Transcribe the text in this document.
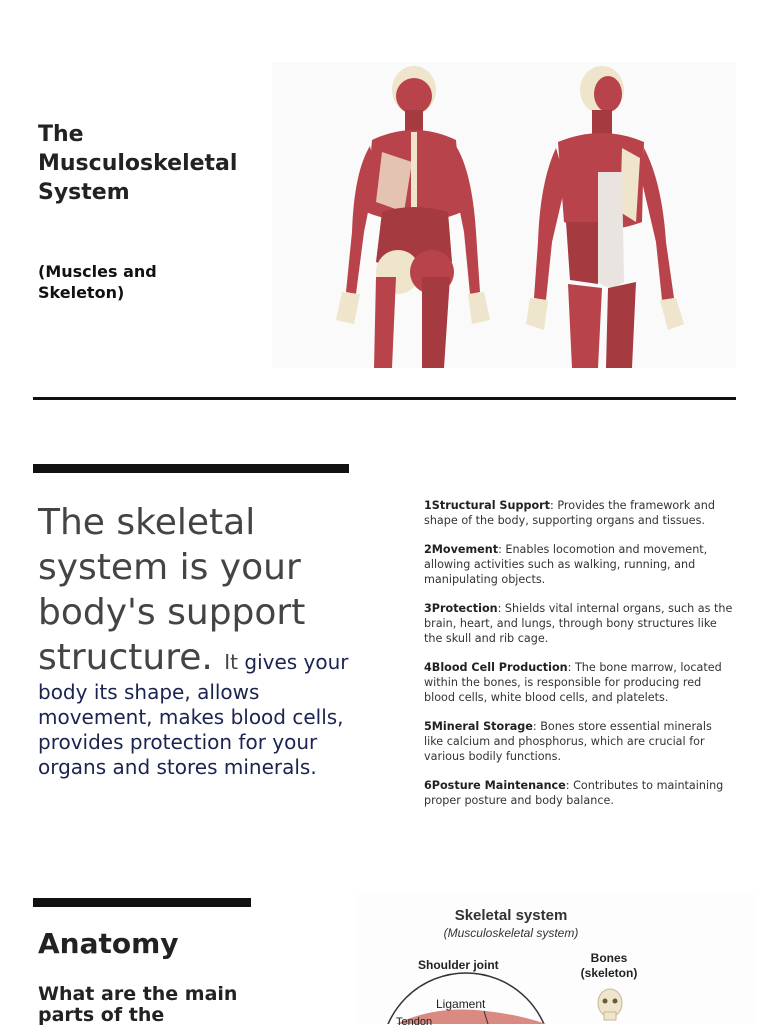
The Musculoskeletal System
(Muscles and Skeleton)

The skeletal system is your body's support structure. It gives your body its shape, allows movement, makes blood cells, provides protection for your organs and stores minerals.

1Structural Support: Provides the framework and shape of the body, supporting organs and tissues.

2Movement: Enables locomotion and movement, allowing activities such as walking, running, and manipulating objects.

3Protection: Shields vital internal organs, such as the brain, heart, and lungs, through bony structures like the skull and rib cage.

4Blood Cell Production: The bone marrow, located within the bones, is responsible for producing red blood cells, white blood cells, and platelets.

5Mineral Storage: Bones store essential minerals like calcium and phosphorus, which are crucial for various bodily functions.

6Posture Maintenance: Contributes to maintaining proper posture and body balance.

Anatomy
What are the main parts of the
Skeletal system
(Musculoskeletal system)
Shoulder joint	Bones
(skeleton)
Ligament
Tendon
